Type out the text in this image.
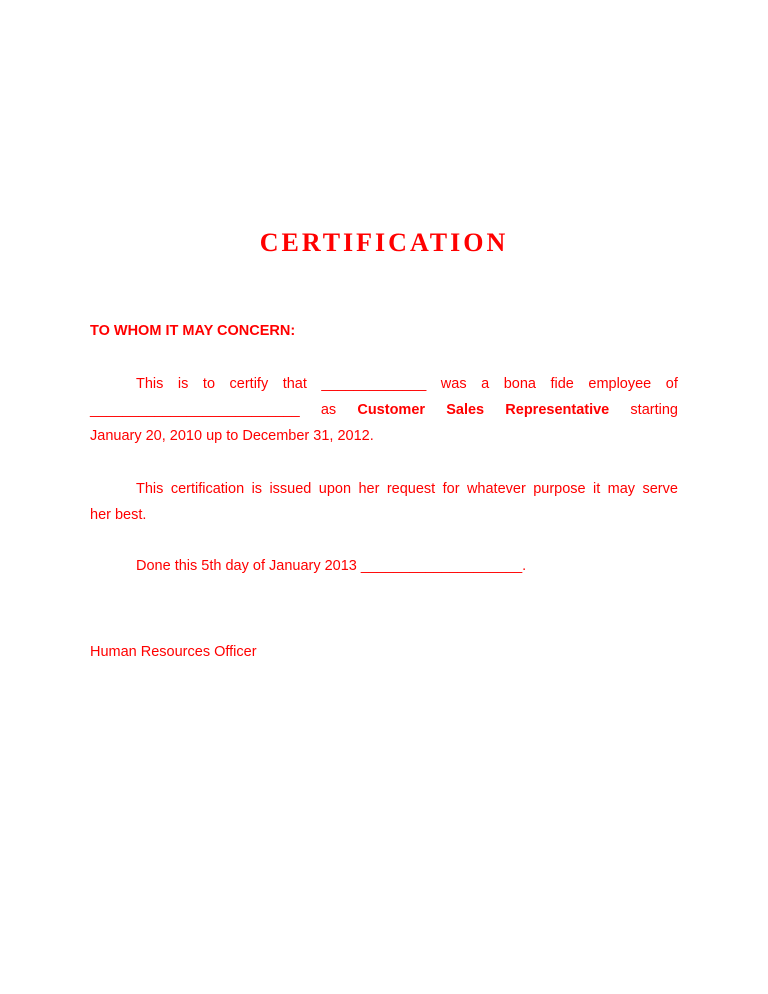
CERTIFICATION
TO WHOM IT MAY CONCERN:
This is to certify that _____________ was a bona fide employee of
__________________________ as Customer Sales Representative starting
January 20, 2010 up to December 31, 2012.
This certification is issued upon her request for whatever purpose it may serve
her best.
Done this 5th day of January 2013 ____________________.
Human Resources Officer
